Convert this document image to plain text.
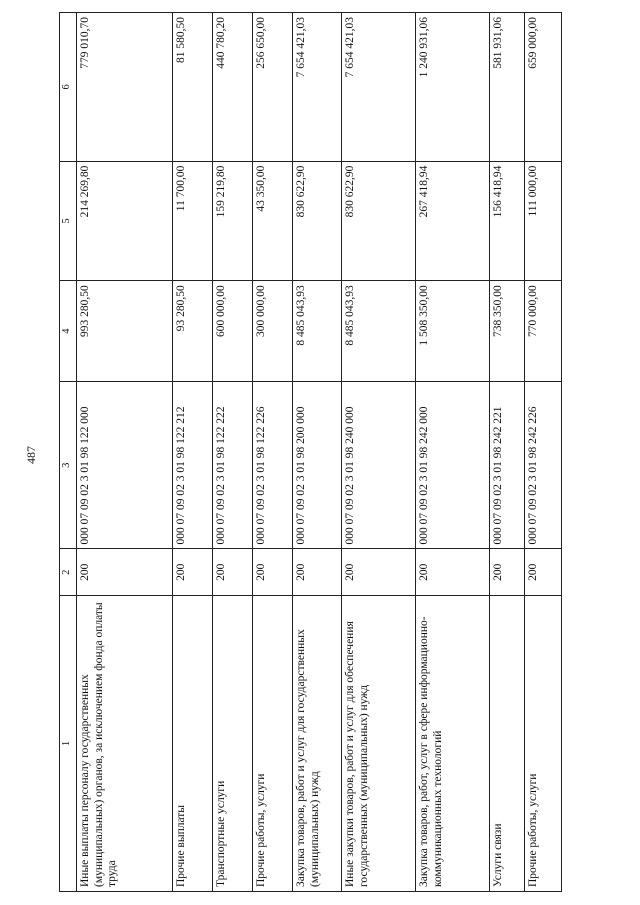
487
1	2	3	4	5	6
Иные выплаты персоналу государственных (муниципальных) органов, за исключением фонда оплаты труда	200	000 07 09 02 3 01 98 122 000	993 280,50	214 269,80	779 010,70
Прочие выплаты	200	000 07 09 02 3 01 98 122 212	93 280,50	11 700,00	81 580,50
Транспортные услуги	200	000 07 09 02 3 01 98 122 222	600 000,00	159 219,80	440 780,20
Прочие работы, услуги	200	000 07 09 02 3 01 98 122 226	300 000,00	43 350,00	256 650,00
Закупка товаров, работ и услуг для государственных (муниципальных) нужд	200	000 07 09 02 3 01 98 200 000	8 485 043,93	830 622,90	7 654 421,03
Иные закупки товаров, работ и услуг для обеспечения государственных (муниципальных) нужд	200	000 07 09 02 3 01 98 240 000	8 485 043,93	830 622,90	7 654 421,03
Закупка товаров, работ, услуг в сфере информационно-коммуникационных технологий	200	000 07 09 02 3 01 98 242 000	1 508 350,00	267 418,94	1 240 931,06
Услуги связи	200	000 07 09 02 3 01 98 242 221	738 350,00	156 418,94	581 931,06
Прочие работы, услуги	200	000 07 09 02 3 01 98 242 226	770 000,00	111 000,00	659 000,00
